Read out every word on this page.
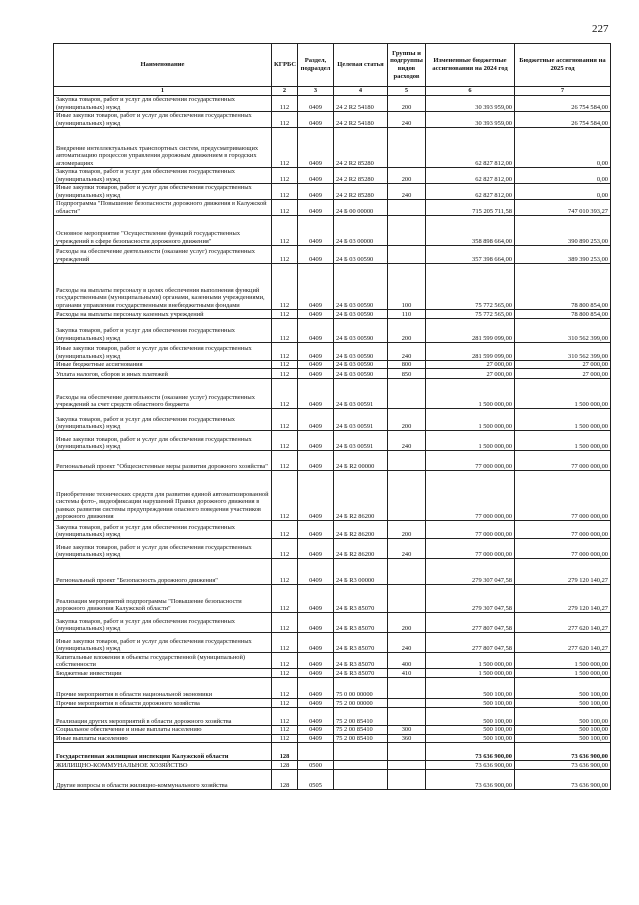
227
Наименование	КГРБС	Раздел, подраздел	Целевая статья	Группы и подгруппы видов расходов	Измененные бюджетные ассигнования на 2024 год	Бюджетные ассигнования на 2025 год
1	2	3	4	5	6	7
Закупка товаров, работ и услуг для обеспечения государственных (муниципальных) нужд	112	0409	24 2 R2 54180	200	30 393 959,00	26 754 584,00
Иные закупки товаров, работ и услуг для обеспечения государственных (муниципальных) нужд	112	0409	24 2 R2 54180	240	30 393 959,00	26 754 584,00
Внедрение интеллектуальных транспортных систем, предусматривающих автоматизацию процессов управления дорожным движением в городских агломерациях	112	0409	24 2 R2 85280		62 827 812,00	0,00
Закупка товаров, работ и услуг для обеспечения государственных (муниципальных) нужд	112	0409	24 2 R2 85280	200	62 827 812,00	0,00
Иные закупки товаров, работ и услуг для обеспечения государственных (муниципальных) нужд	112	0409	24 2 R2 85280	240	62 827 812,00	0,00
Подпрограмма "Повышение безопасности дорожного движения в Калужской области"	112	0409	24 Б 00 00000		715 205 711,58	747 010 393,27
Основное мероприятие "Осуществление функций государственных учреждений в сфере безопасности дорожного движения"	112	0409	24 Б 03 00000		358 898 664,00	390 890 253,00
Расходы на обеспечение деятельности (оказание услуг) государственных учреждений	112	0409	24 Б 03 00590		357 398 664,00	389 390 253,00
Расходы на выплаты персоналу в целях обеспечения выполнения функций государственными (муниципальными) органами, казенными учреждениями, органами управления государственными внебюджетными фондами	112	0409	24 Б 03 00590	100	75 772 565,00	78 800 854,00
Расходы на выплаты персоналу казенных учреждений	112	0409	24 Б 03 00590	110	75 772 565,00	78 800 854,00
Закупка товаров, работ и услуг для обеспечения государственных (муниципальных) нужд	112	0409	24 Б 03 00590	200	281 599 099,00	310 562 399,00
Иные закупки товаров, работ и услуг для обеспечения государственных (муниципальных) нужд	112	0409	24 Б 03 00590	240	281 599 099,00	310 562 399,00
Иные бюджетные ассигнования	112	0409	24 Б 03 00590	800	27 000,00	27 000,00
Уплата налогов, сборов и иных платежей	112	0409	24 Б 03 00590	850	27 000,00	27 000,00
Расходы на обеспечение деятельности (оказание услуг) государственных учреждений за счет средств областного бюджета	112	0409	24 Б 03 00591		1 500 000,00	1 500 000,00
Закупка товаров, работ и услуг для обеспечения государственных (муниципальных) нужд	112	0409	24 Б 03 00591	200	1 500 000,00	1 500 000,00
Иные закупки товаров, работ и услуг для обеспечения государственных (муниципальных) нужд	112	0409	24 Б 03 00591	240	1 500 000,00	1 500 000,00
Региональный проект "Общесистемные меры развития дорожного хозяйства"	112	0409	24 Б R2 00000		77 000 000,00	77 000 000,00
Приобретение технических средств для развития единой автоматизированной системы фото-, видеофиксации нарушений Правил дорожного движения в рамках развития системы предупреждения опасного поведения участников дорожного движения	112	0409	24 Б R2 86200		77 000 000,00	77 000 000,00
Закупка товаров, работ и услуг для обеспечения государственных (муниципальных) нужд	112	0409	24 Б R2 86200	200	77 000 000,00	77 000 000,00
Иные закупки товаров, работ и услуг для обеспечения государственных (муниципальных) нужд	112	0409	24 Б R2 86200	240	77 000 000,00	77 000 000,00
Региональный проект "Безопасность дорожного движения"	112	0409	24 Б R3 00000		279 307 047,58	279 120 140,27
Реализация мероприятий подпрограммы "Повышение безопасности дорожного движения Калужской области"	112	0409	24 Б R3 85070		279 307 047,58	279 120 140,27
Закупка товаров, работ и услуг для обеспечения государственных (муниципальных) нужд	112	0409	24 Б R3 85070	200	277 807 047,58	277 620 140,27
Иные закупки товаров, работ и услуг для обеспечения государственных (муниципальных) нужд	112	0409	24 Б R3 85070	240	277 807 047,58	277 620 140,27
Капитальные вложения в объекты государственной (муниципальной) собственности	112	0409	24 Б R3 85070	400	1 500 000,00	1 500 000,00
Бюджетные инвестиции	112	0409	24 Б R3 85070	410	1 500 000,00	1 500 000,00
Прочие мероприятия в области национальной экономики	112	0409	75 0 00 00000		500 100,00	500 100,00
Прочие мероприятия в области дорожного хозяйства	112	0409	75 2 00 00000		500 100,00	500 100,00
Реализация других мероприятий в области дорожного хозяйства	112	0409	75 2 00 85410		500 100,00	500 100,00
Социальное обеспечение и иные выплаты населению	112	0409	75 2 00 85410	300	500 100,00	500 100,00
Иные выплаты населению	112	0409	75 2 00 85410	360	500 100,00	500 100,00
Государственная жилищная инспекция Калужской области	128				73 636 900,00	73 636 900,00
ЖИЛИЩНО-КОММУНАЛЬНОЕ ХОЗЯЙСТВО	128	0500			73 636 900,00	73 636 900,00
Другие вопросы в области жилищно-коммунального хозяйства	128	0505			73 636 900,00	73 636 900,00
